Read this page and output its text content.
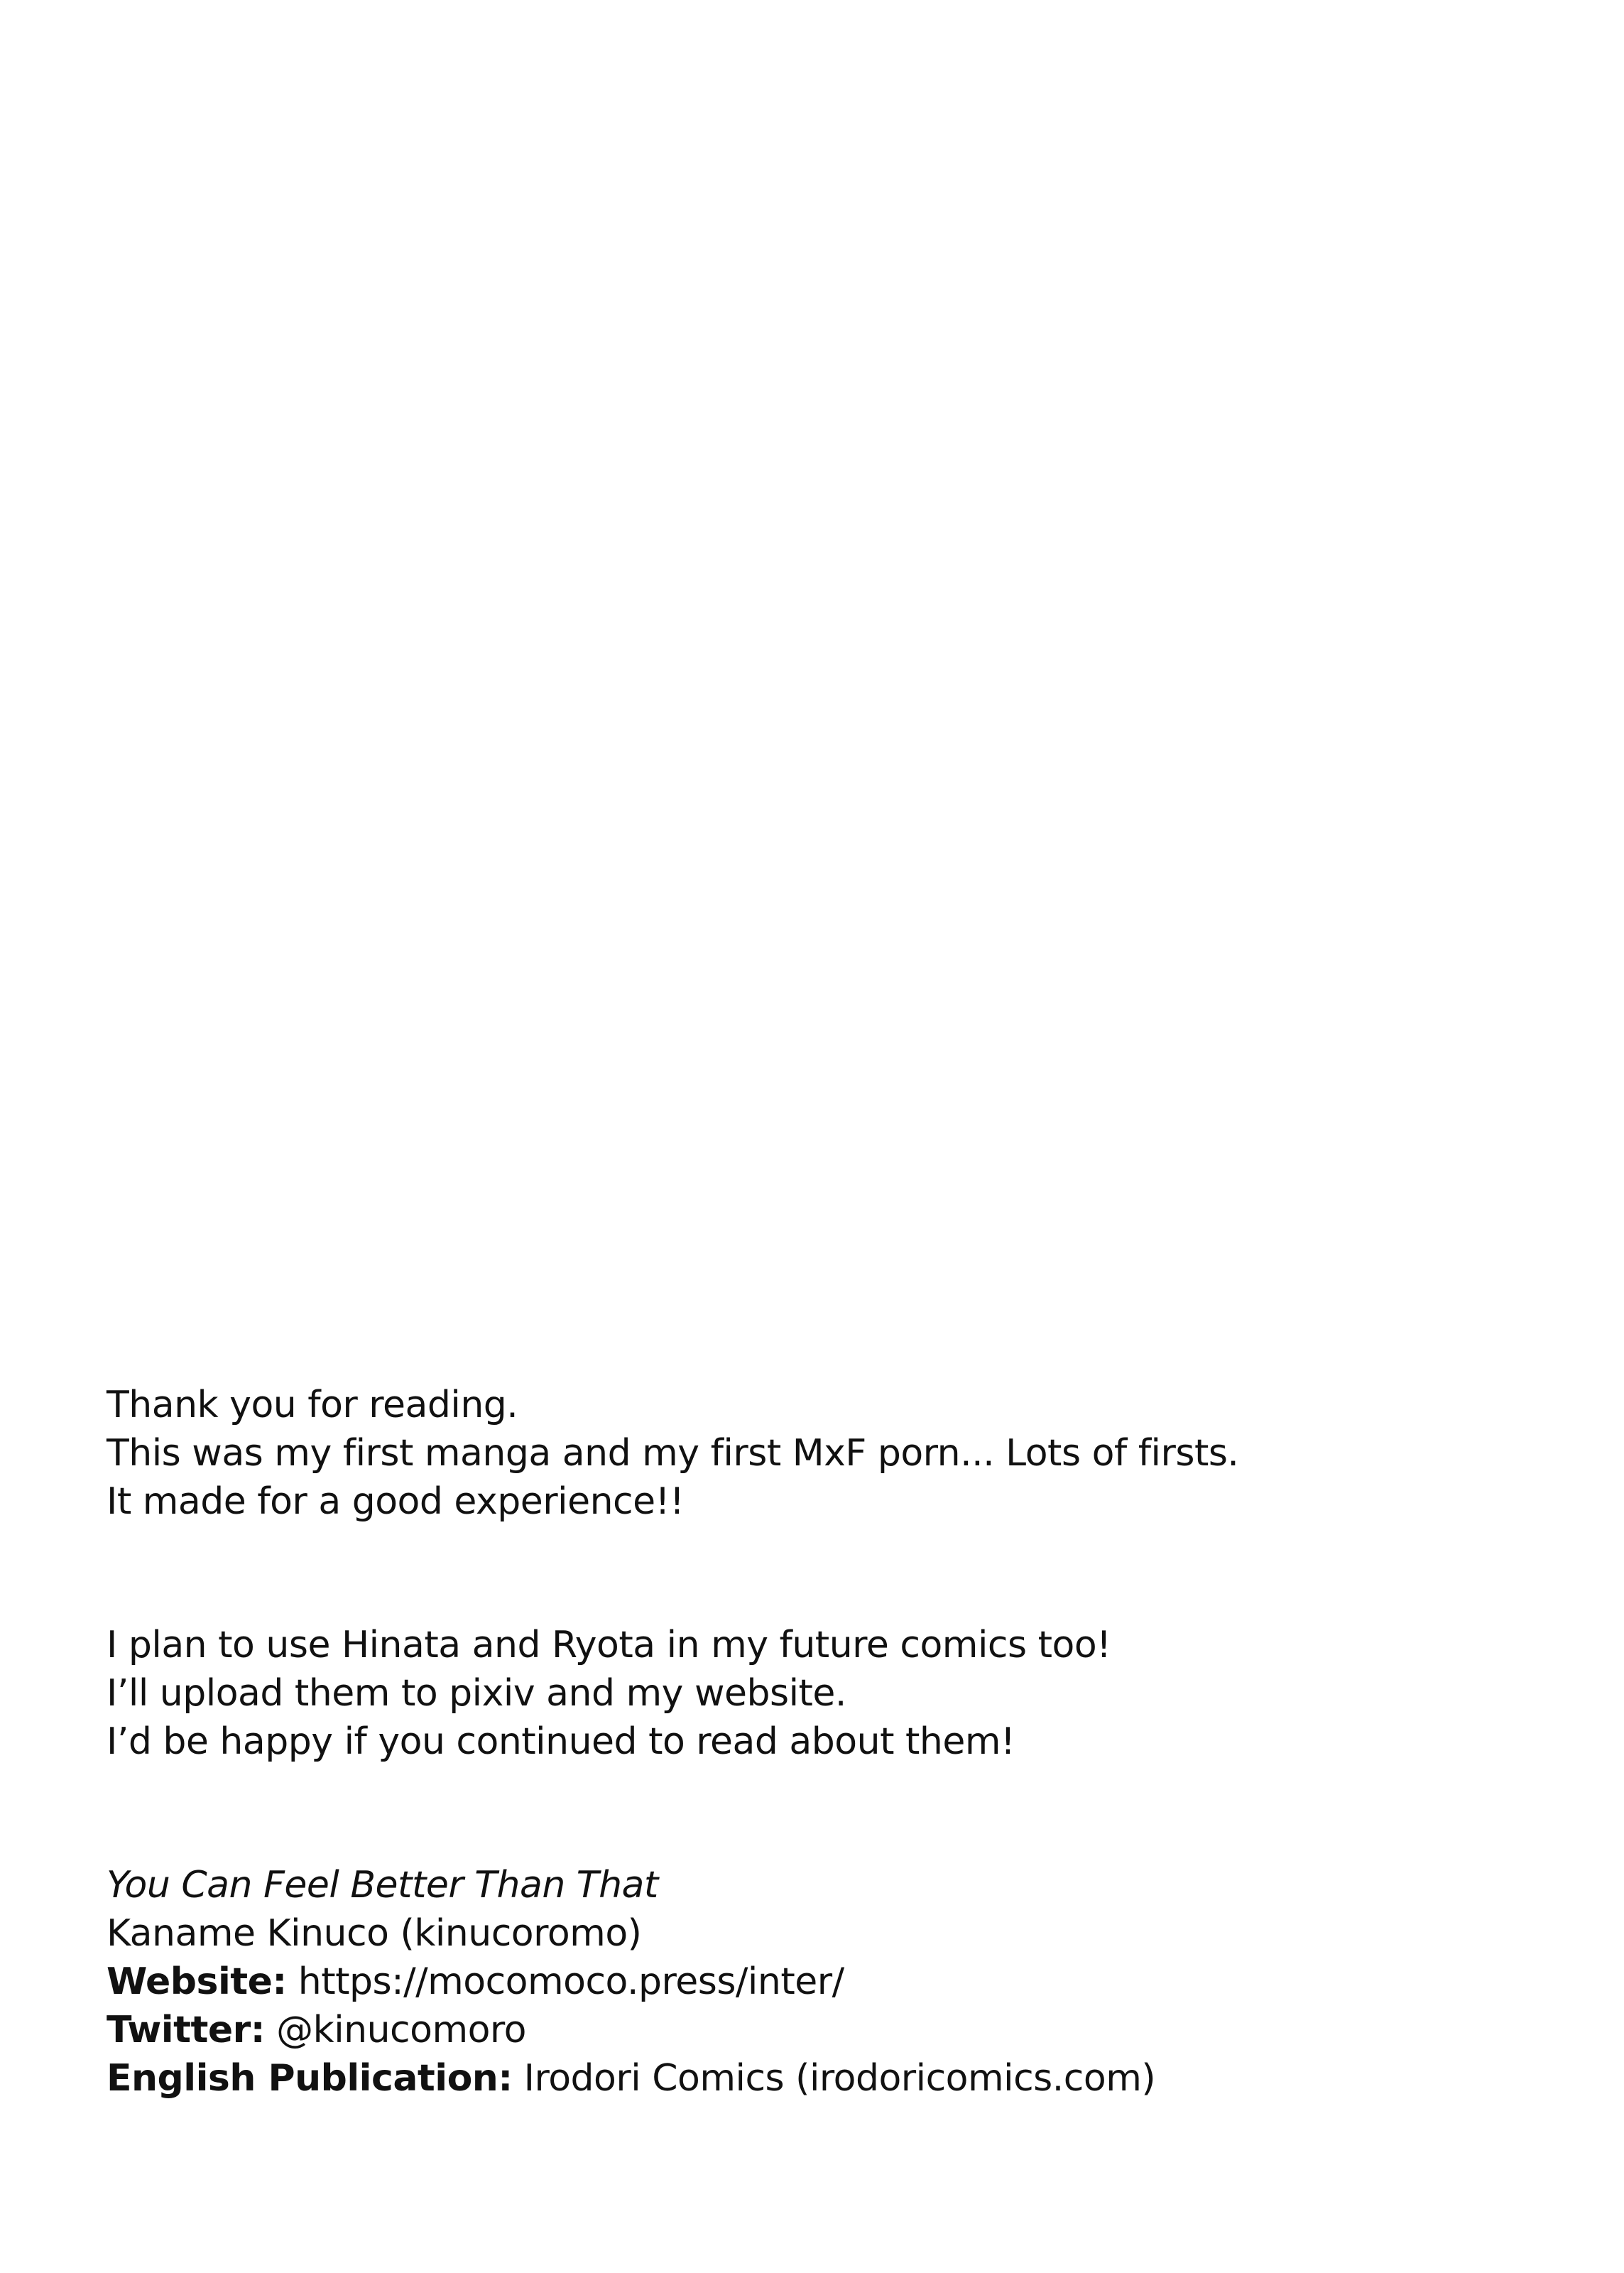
Thank you for reading.

This was my first manga and my first MxF porn... Lots of firsts.

It made for a good experience!!

I plan to use Hinata and Ryota in my future comics too!

I’ll upload them to pixiv and my website.

I’d be happy if you continued to read about them!

You Can Feel Better Than That

Kaname Kinuco (kinucoromo)

Website: https://mocomoco.press/inter/

Twitter: @kinucomoro

English Publication: Irodori Comics (irodoricomics.com)
